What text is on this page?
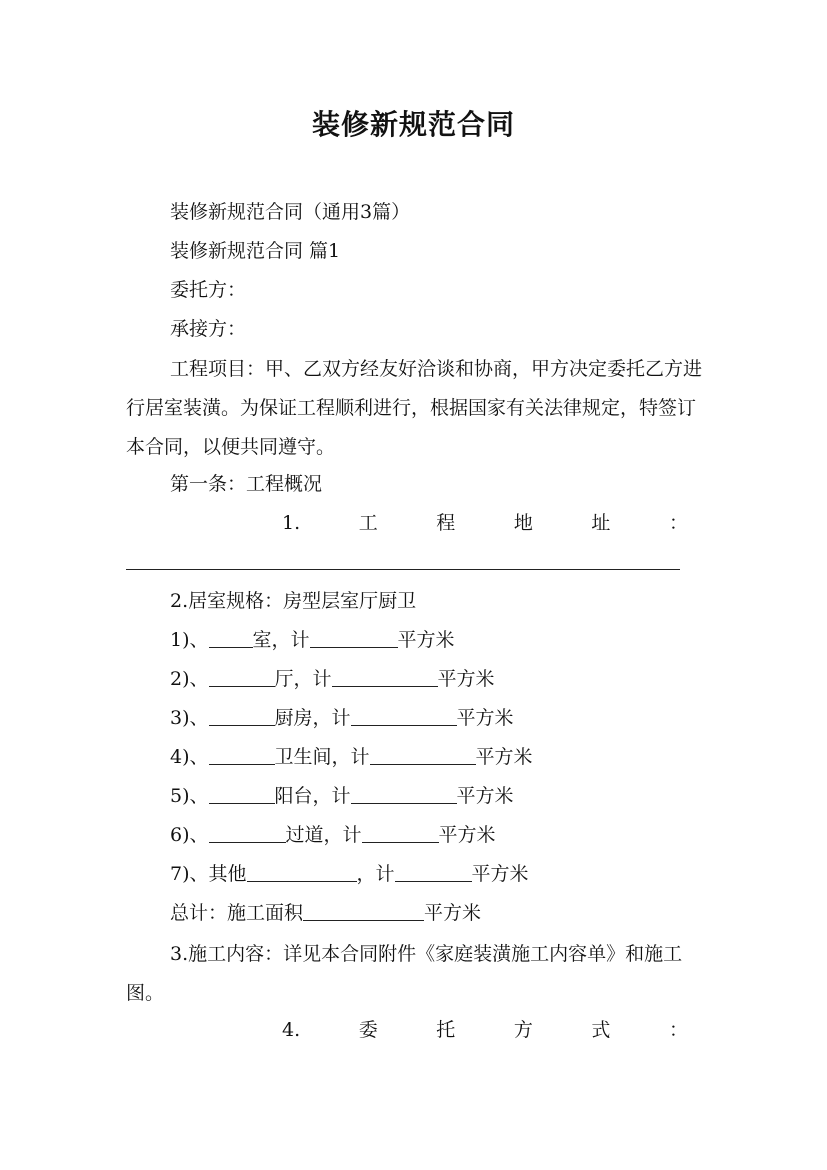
装修新规范合同
装修新规范合同（通用3篇）
装修新规范合同 篇1
委托方：
承接方：
工程项目：甲、乙双方经友好洽谈和协商，甲方决定委托乙方进行居室装潢。为保证工程顺利进行，根据国家有关法律规定，特签订本合同，以便共同遵守。
第一条：工程概况
1.	工	程	地	址	：
2.居室规格：房型层室厅厨卫
1)、 室，计	平方米
2)、	厅，计	平方米
3)、	厨房，计	平方米
4)、	卫生间，计	平方米
5)、	阳台，计	平方米
6)、	过道，计	平方米
7)、其他	，计	平方米
总计：施工面积	平方米
3.施工内容：详见本合同附件《家庭装潢施工内容单》和施工图。
4.	委	托	方	式	：
